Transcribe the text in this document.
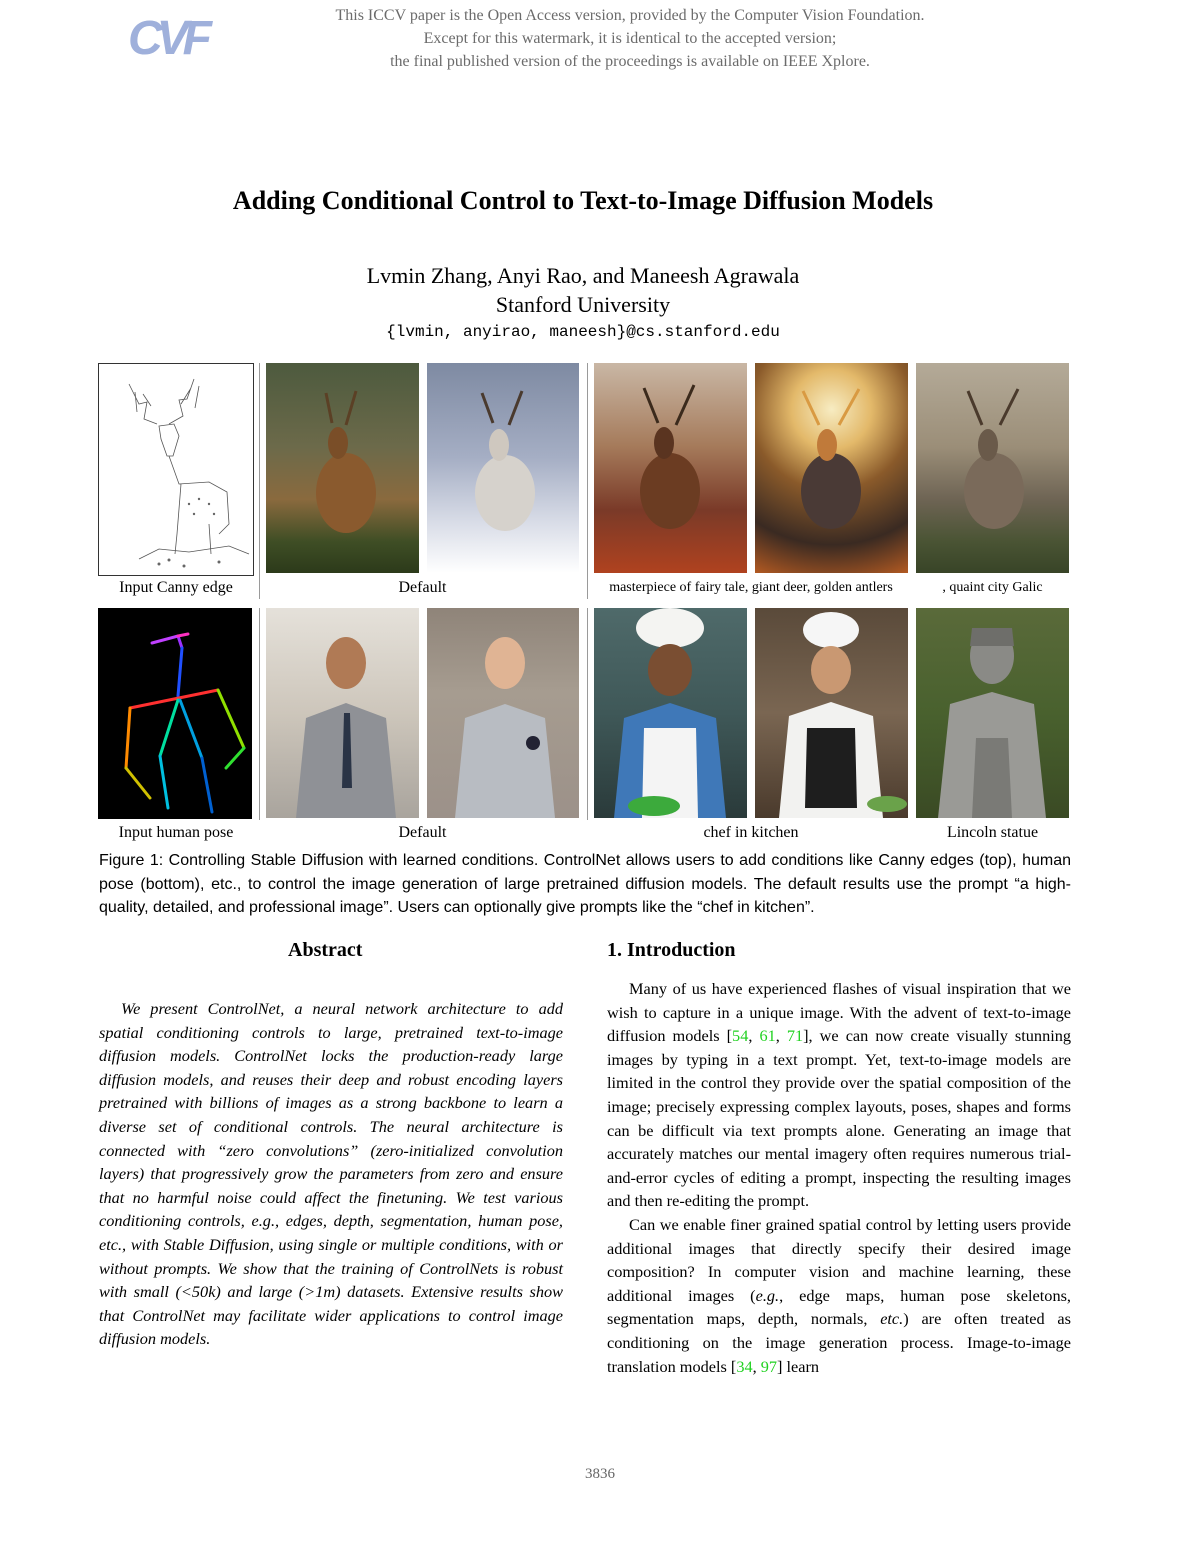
CVF	This ICCV paper is the Open Access version, provided by the Computer Vision Foundation.
Except for this watermark, it is identical to the accepted version;
the final published version of the proceedings is available on IEEE Xplore.
Adding Conditional Control to Text-to-Image Diffusion Models
Lvmin Zhang, Anyi Rao, and Maneesh Agrawala
Stanford University
{lvmin, anyirao, maneesh}@cs.stanford.edu
Input Canny edge	Default	masterpiece of fairy tale, giant deer, golden antlers	, quaint city Galic
Input human pose	Default	chef in kitchen	Lincoln statue
Figure 1: Controlling Stable Diffusion with learned conditions. ControlNet allows users to add conditions like Canny edges (top), human pose (bottom), etc., to control the image generation of large pretrained diffusion models. The default results use the prompt “a high-quality, detailed, and professional image”. Users can optionally give prompts like the “chef in kitchen”.
Abstract
We present ControlNet, a neural network architecture to add spatial conditioning controls to large, pretrained text-to-image diffusion models. ControlNet locks the production-ready large diffusion models, and reuses their deep and robust encoding layers pretrained with billions of images as a strong backbone to learn a diverse set of conditional controls. The neural architecture is connected with “zero convolutions” (zero-initialized convolution layers) that progressively grow the parameters from zero and ensure that no harmful noise could affect the finetuning. We test various conditioning controls, e.g., edges, depth, segmentation, human pose, etc., with Stable Diffusion, using single or multiple conditions, with or without prompts. We show that the training of ControlNets is robust with small (<50k) and large (>1m) datasets. Extensive results show that ControlNet may facilitate wider applications to control image diffusion models.
1. Introduction

Many of us have experienced flashes of visual inspiration that we wish to capture in a unique image. With the advent of text-to-image diffusion models [54, 61, 71], we can now create visually stunning images by typing in a text prompt. Yet, text-to-image models are limited in the control they provide over the spatial composition of the image; precisely expressing complex layouts, poses, shapes and forms can be difficult via text prompts alone. Generating an image that accurately matches our mental imagery often requires numerous trial-and-error cycles of editing a prompt, inspecting the resulting images and then re-editing the prompt.

Can we enable finer grained spatial control by letting users provide additional images that directly specify their desired image composition? In computer vision and machine learning, these additional images (e.g., edge maps, human pose skeletons, segmentation maps, depth, normals, etc.) are often treated as conditioning on the image generation process. Image-to-image translation models [34, 97] learn

3836
